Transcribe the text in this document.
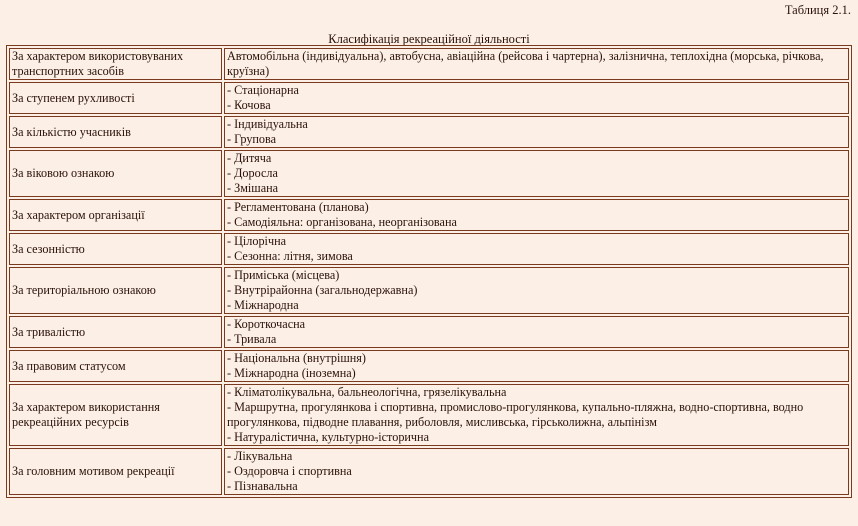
Таблиця 2.1.
Класифікація рекреаційної діяльності
За характером використовуваних транспортних засобів	Автомобільна (індивідуальна), автобусна, авіаційна (рейсова і чартерна), залізнична, теплохідна (морська, річкова, круїзна)

За ступенем рухливості	- Стаціонарна
- Кочова

За кількістю учасників	- Індивідуальна
- Групова

За віковою ознакою	- Дитяча
- Доросла
- Змішана

За характером організації	- Регламентована (планова)
- Самодіяльна: організована, неорганізована

За сезонністю	- Цілорічна
- Сезонна: літня, зимова

За територіальною ознакою	- Приміська (місцева)
- Внутрірайонна (загальнодержавна)
- Міжнародна

За тривалістю	- Короткочасна
- Тривала

За правовим статусом	- Національна (внутрішня)
- Міжнародна (іноземна)

За характером використання рекреаційних ресурсів	- Кліматолікувальна, бальнеологічна, грязелікувальна
- Маршрутна, прогулянкова і спортивна, промислово-прогулянкова, купально-пляжна, водно-спортивна, водно прогулянкова, підводне плавання, риболовля, мисливська, гірськолижна, альпінізм
- Натуралістична, культурно-історична

За головним мотивом рекреації	- Лікувальна
- Оздоровча і спортивна
- Пізнавальна
